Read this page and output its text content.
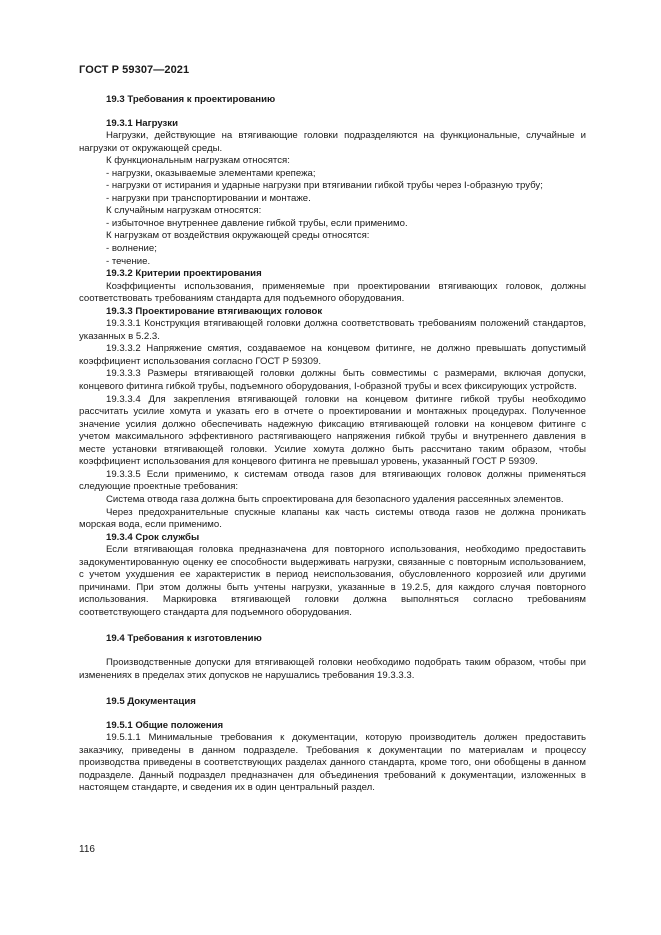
ГОСТ Р 59307—2021

19.3 Требования к проектированию

19.3.1 Нагрузки

Нагрузки, действующие на втягивающие головки подразделяются на функциональные, случайные и нагрузки от окружающей среды.

К функциональным нагрузкам относятся:

- нагрузки, оказываемые элементами крепежа;

- нагрузки от истирания и ударные нагрузки при втягивании гибкой трубы через I-образную трубу;

- нагрузки при транспортировании и монтаже.

К случайным нагрузкам относятся:

- избыточное внутреннее давление гибкой трубы, если применимо.

К нагрузкам от воздействия окружающей среды относятся:

- волнение;

- течение.

19.3.2 Критерии проектирования

Коэффициенты использования, применяемые при проектировании втягивающих головок, должны соответствовать требованиям стандарта для подъемного оборудования.

19.3.3 Проектирование втягивающих головок

19.3.3.1 Конструкция втягивающей головки должна соответствовать требованиям положений стандартов, указанных в 5.2.3.

19.3.3.2 Напряжение смятия, создаваемое на концевом фитинге, не должно превышать допустимый коэффициент использования согласно ГОСТ Р 59309.

19.3.3.3 Размеры втягивающей головки должны быть совместимы с размерами, включая допуски, концевого фитинга гибкой трубы, подъемного оборудования, I-образной трубы и всех фиксирующих устройств.

19.3.3.4 Для закрепления втягивающей головки на концевом фитинге гибкой трубы необходимо рассчитать усилие хомута и указать его в отчете о проектировании и монтажных процедурах. Полученное значение усилия должно обеспечивать надежную фиксацию втягивающей головки на концевом фитинге с учетом максимального эффективного растягивающего напряжения гибкой трубы и внутреннего давления в месте установки втягивающей головки. Усилие хомута должно быть рассчитано таким образом, чтобы коэффициент использования для концевого фитинга не превышал уровень, указанный ГОСТ Р 59309.

19.3.3.5 Если применимо, к системам отвода газов для втягивающих головок должны применяться следующие проектные требования:

Система отвода газа должна быть спроектирована для безопасного удаления рассеянных элементов.

Через предохранительные спускные клапаны как часть системы отвода газов не должна проникать морская вода, если применимо.

19.3.4 Срок службы

Если втягивающая головка предназначена для повторного использования, необходимо предоставить задокументированную оценку ее способности выдерживать нагрузки, связанные с повторным использованием, с учетом ухудшения ее характеристик в период неиспользования, обусловленного коррозией или другими причинами. При этом должны быть учтены нагрузки, указанные в 19.2.5, для каждого случая повторного использования. Маркировка втягивающей головки должна выполняться согласно требованиям соответствующего стандарта для подъемного оборудования.

19.4 Требования к изготовлению

Производственные допуски для втягивающей головки необходимо подобрать таким образом, чтобы при изменениях в пределах этих допусков не нарушались требования 19.3.3.3.

19.5 Документация

19.5.1 Общие положения

19.5.1.1 Минимальные требования к документации, которую производитель должен предоставить заказчику, приведены в данном подразделе. Требования к документации по материалам и процессу производства приведены в соответствующих разделах данного стандарта, кроме того, они обобщены в данном подразделе. Данный подраздел предназначен для объединения требований к документации, изложенных в настоящем стандарте, и сведения их в один центральный раздел.

116
